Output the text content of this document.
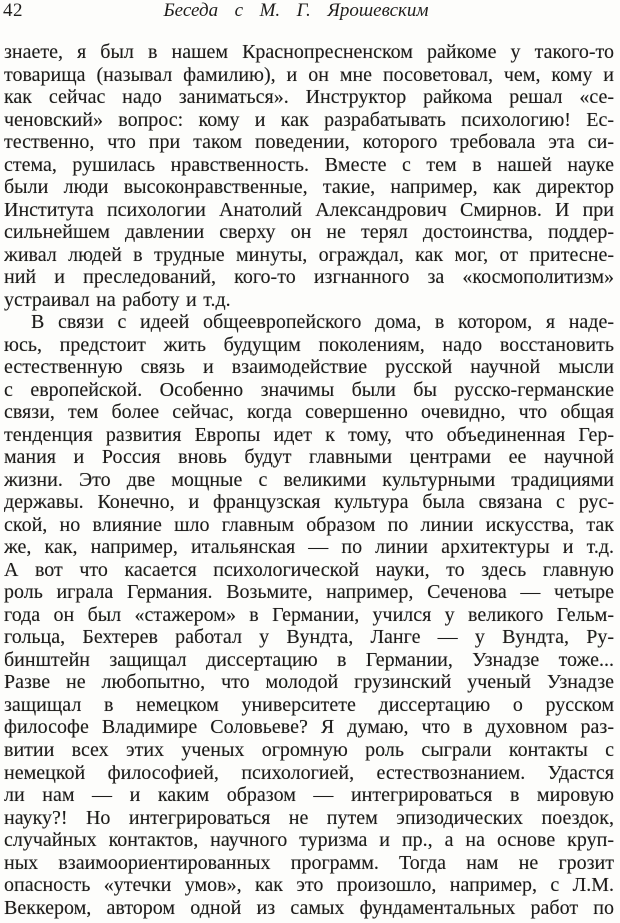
42	Беседа с М. Г. Ярошевским
знаете, я был в нашем Краснопресненском райкоме у такого-то
товарища (называл фамилию), и он мне посоветовал, чем, кому и
как сейчас надо заниматься». Инструктор райкома решал «се-
ченовский» вопрос: кому и как разрабатывать психологию! Ес-
тественно, что при таком поведении, которого требовала эта си-
стема, рушилась нравственность. Вместе с тем в нашей науке
были люди высоконравственные, такие, например, как директор
Института психологии Анатолий Александрович Смирнов. И при
сильнейшем давлении сверху он не терял достоинства, поддер-
живал людей в трудные минуты, ограждал, как мог, от притесне-
ний и преследований, кого-то изгнанного за «космополитизм»
устраивал на работу и т.д.
В связи с идеей общеевропейского дома, в котором, я наде-
юсь, предстоит жить будущим поколениям, надо восстановить
естественную связь и взаимодействие русской научной мысли
с европейской. Особенно значимы были бы русско-германские
связи, тем более сейчас, когда совершенно очевидно, что общая
тенденция развития Европы идет к тому, что объединенная Гер-
мания и Россия вновь будут главными центрами ее научной
жизни. Это две мощные с великими культурными традициями
державы. Конечно, и французская культура была связана с рус-
ской, но влияние шло главным образом по линии искусства, так
же, как, например, итальянская — по линии архитектуры и т.д.
А вот что касается психологической науки, то здесь главную
роль играла Германия. Возьмите, например, Сеченова — четыре
года он был «стажером» в Германии, учился у великого Гельм-
гольца, Бехтерев работал у Вундта, Ланге — у Вундта, Ру-
бинштейн защищал диссертацию в Германии, Узнадзе тоже...
Разве не любопытно, что молодой грузинский ученый Узнадзе
защищал в немецком университете диссертацию о русском
философе Владимире Соловьеве? Я думаю, что в духовном раз-
витии всех этих ученых огромную роль сыграли контакты с
немецкой философией, психологией, естествознанием. Удастся
ли нам — и каким образом — интегрироваться в мировую
науку?! Но интегрироваться не путем эпизодических поездок,
случайных контактов, научного туризма и пр., а на основе круп-
ных взаимоориентированных программ. Тогда нам не грозит
опасность «утечки умов», как это произошло, например, с Л.М.
Веккером, автором одной из самых фундаментальных работ по
